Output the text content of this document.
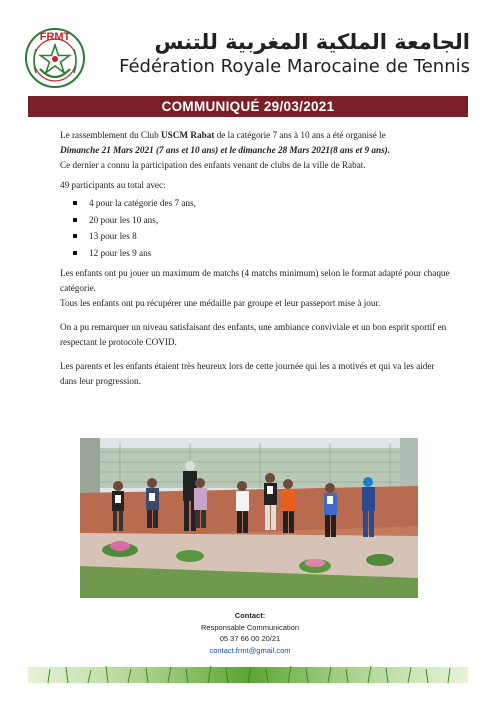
FRMT	الجامعة الملكية المغربية للتنس
Fédération Royale Marocaine de Tennis
COMMUNIQUÉ 29/03/2021

Le rassemblement du Club USCM Rabat de la catégorie 7 ans à 10 ans a été organisé le

Dimanche 21 Mars 2021 (7 ans et 10 ans) et le dimanche 28 Mars 2021(8 ans et 9 ans).

Ce dernier a connu la participation des enfants venant de clubs de la ville de Rabat.

49 participants au total avec:

4 pour la catégorie des 7 ans,
20 pour les 10 ans,
13 pour les 8
12 pour les 9 ans

Les enfants ont pu jouer un maximum de matchs (4 matchs minimum) selon le format adapté pour chaque catégorie.

Tous les enfants ont pu récupérer une médaille par groupe et leur passeport mise à jour.

On a pu remarquer un niveau satisfaisant des enfants, une ambiance conviviale et un bon esprit sportif en respectant le protocole COVID.

Les parents et les enfants étaient très heureux lors de cette journée qui les a motivés et qui va les aider dans leur progression.

Contact:
Responsable Communication
05 37 66 00 20/21
contact.frmt@gmail.com
